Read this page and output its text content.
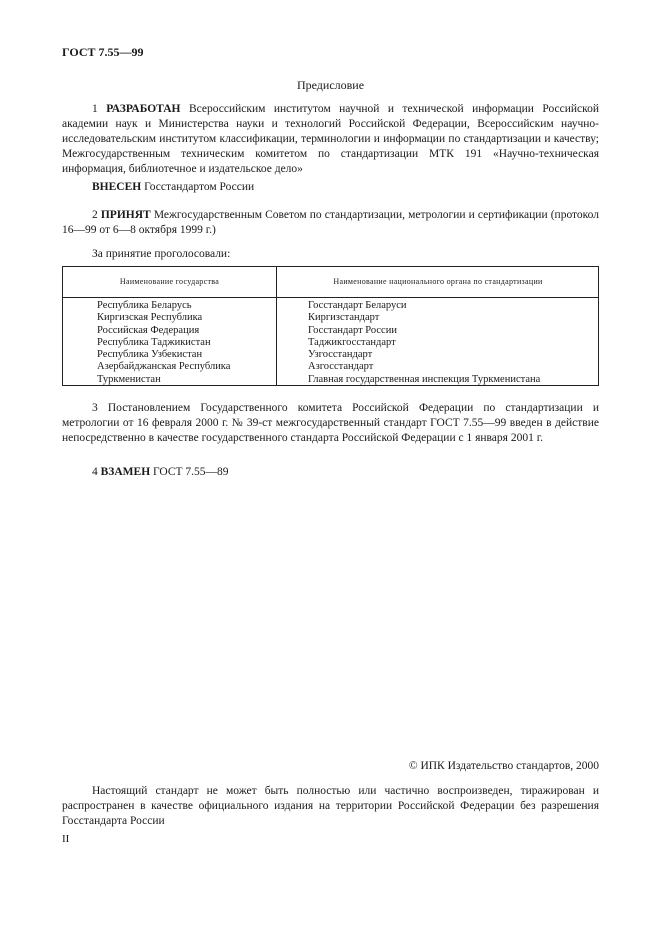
ГОСТ 7.55—99
Предисловие

1 РАЗРАБОТАН Всероссийским институтом научной и технической информации Российской академии наук и Министерства науки и технологий Российской Федерации, Всероссийским научно-исследовательским институтом классификации, терминологии и информации по стандартизации и качеству; Межгосударственным техническим комитетом по стандартизации МТК 191 «Научно-техническая информация, библиотечное и издательское дело»

ВНЕСЕН Госстандартом России

2 ПРИНЯТ Межгосударственным Советом по стандартизации, метрологии и сертификации (протокол 16—99 от 6—8 октября 1999 г.)

За принятие проголосовали:

Наименование государства	Наименование национального органа по стандартизации
Республика Беларусь
Киргизская Республика
Российская Федерация
Республика Таджикистан
Республика Узбекистан
Азербайджанская Республика
Туркменистан
Госстандарт Беларуси
Киргизстандарт
Госстандарт России
Таджикгосстандарт
Узгосстандарт
Азгосстандарт
Главная государственная инспекция Туркменистана

3 Постановлением Государственного комитета Российской Федерации по стандартизации и метрологии от 16 февраля 2000 г. № 39-ст межгосударственный стандарт ГОСТ 7.55—99 введен в действие непосредственно в качестве государственного стандарта Российской Федерации с 1 января 2001 г.

4 ВЗАМЕН ГОСТ 7.55—89

© ИПК Издательство стандартов, 2000

Настоящий стандарт не может быть полностью или частично воспроизведен, тиражирован и распространен в качестве официального издания на территории Российской Федерации без разрешения Госстандарта России

II
